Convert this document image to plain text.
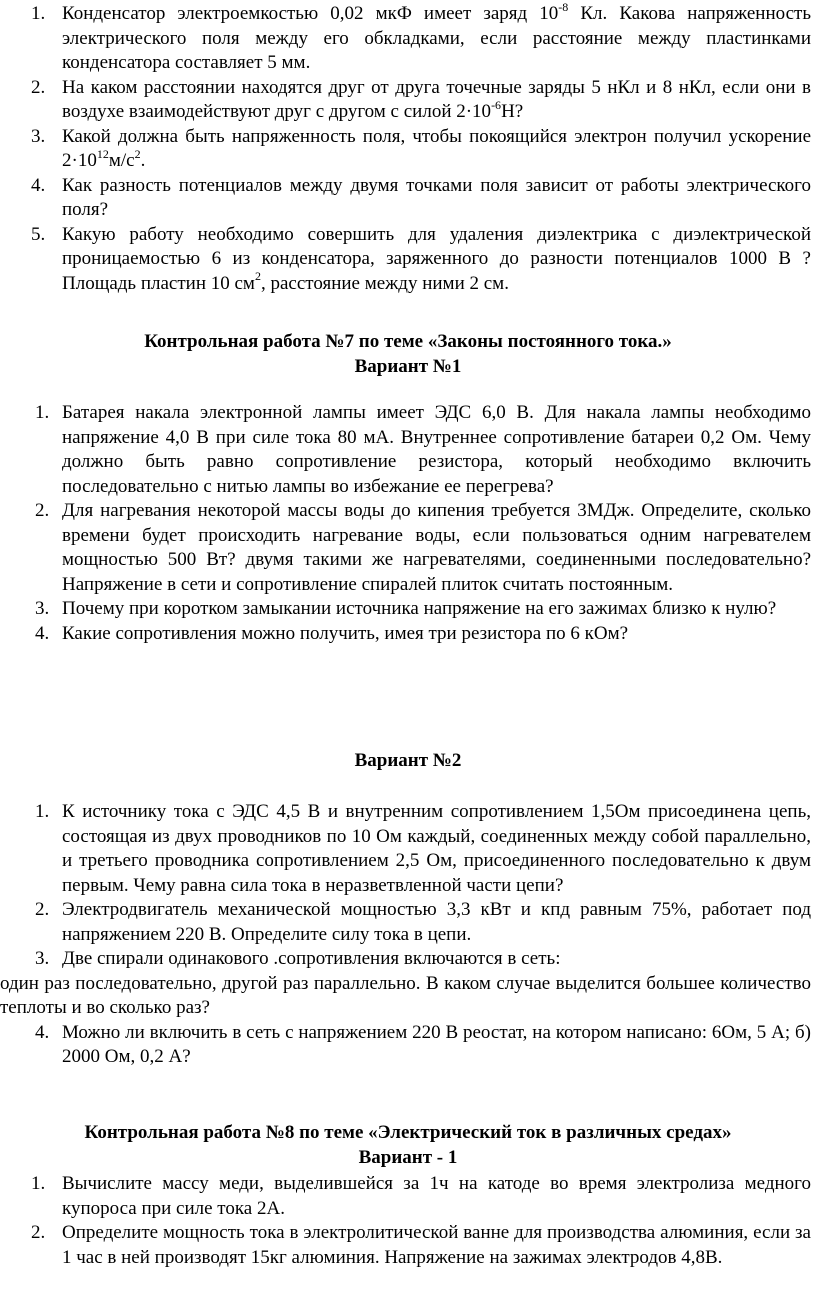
1. Конденсатор электроемкостью 0,02 мкФ имеет заряд $10^{-8}$ Кл. Какова напряженность электрического поля между его обкладками, если расстояние между пластинками конденсатора составляет 5 мм.

2. На каком расстоянии находятся друг от друга точечные заряды 5 нКл и 8 нКл, если они в воздухе взаимодействуют друг с другом с силой $2\cdot 10^{-6}Н$?

3. Какой должна быть напряженность поля, чтобы покоящийся электрон получил ускорение $2\cdot 10^{12}м/с^2$.

4. Как разность потенциалов между двумя точками поля зависит от работы электрического поля?

5. Какую работу необходимо совершить для удаления диэлектрика с диэлектрической проницаемостью 6 из конденсатора, заряженного до разности потенциалов 1000 В ? Площадь пластин 10 $см^2$, расстояние между ними 2 см.

Контрольная работа №7 по теме «Законы постоянного тока.»

Вариант №1

1. Батарея накала электронной лампы имеет ЭДС 6,0 В. Для накала лампы необходимо напряжение 4,0 В при силе тока 80 мА. Внутреннее сопротивление батареи 0,2 Ом. Чему должно быть равно сопротивление резистора, который необходимо включить последовательно с нитью лампы во избежание ее перегрева?

2. Для нагревания некоторой массы воды до кипения требуется 3МДж. Определите, сколько времени будет происходить нагревание воды, если пользоваться одним нагревателем мощностью 500 Вт? двумя такими же нагревателями, соединенными последовательно? Напряжение в сети и сопротивление спиралей плиток считать постоянным.

3. Почему при коротком замыкании источника напряжение на его зажимах близко к нулю?

4. Какие сопротивления можно получить, имея три резистора по 6 кОм?

Вариант №2

1. К источнику тока с ЭДС 4,5 В и внутренним сопротивлением 1,5Ом присоединена цепь, состоящая из двух проводников по 10 Ом каждый, соединенных между собой параллельно, и третьего проводника сопротивлением 2,5 Ом, присоединенного последовательно к двум первым. Чему равна сила тока в неразветвленной части цепи?

2. Электродвигатель механической мощностью 3,3 кВт и кпд равным 75%, работает под напряжением 220 В. Определите силу тока в цепи.

3. Две спирали одинакового .сопротивления включаются в сеть:

один раз последовательно, другой раз параллельно. В каком случае выделится большее количество теплоты и во сколько раз?

4. Можно ли включить в сеть с напряжением 220 В реостат, на котором написано: 6Ом, 5 А; б) 2000 Ом, 0,2 А?

Контрольная работа №8 по теме «Электрический ток в различных средах»

Вариант - 1

1. Вычислите массу меди, выделившейся за 1ч на катоде во время электролиза медного купороса при силе тока 2А.

2. Определите мощность тока в электролитической ванне для производства алюминия, если за 1 час в ней производят 15кг алюминия. Напряжение на зажимах электродов 4,8В.
